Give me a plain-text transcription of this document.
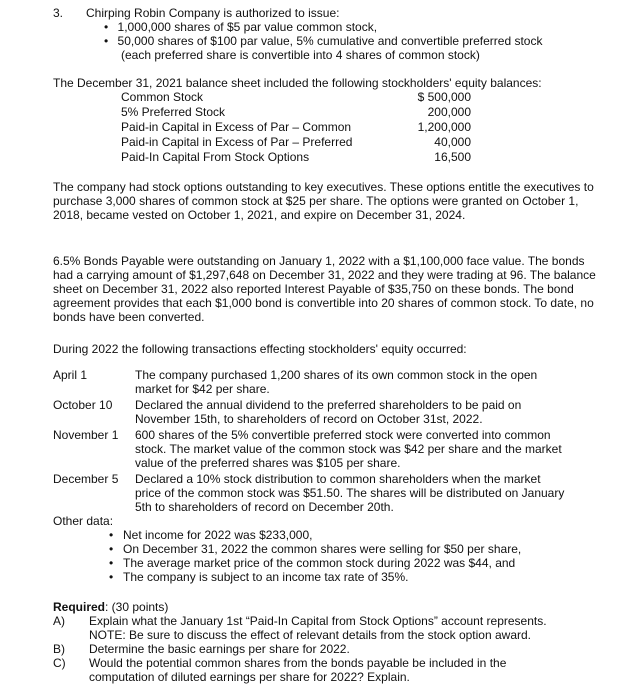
3. Chirping Robin Company is authorized to issue:
• 1,000,000 shares of $5 par value common stock,
• 50,000 shares of $100 par value, 5% cumulative and convertible preferred stock
(each preferred share is convertible into 4 shares of common stock)
The December 31, 2021 balance sheet included the following stockholders' equity balances:
Common Stock	$ 500,000
5% Preferred Stock	200,000
Paid-in Capital in Excess of Par – Common	1,200,000
Paid-in Capital in Excess of Par – Preferred	40,000
Paid-In Capital From Stock Options	16,500
The company had stock options outstanding to key executives. These options entitle the executives to purchase 3,000 shares of common stock at $25 per share. The options were granted on October 1, 2018, became vested on October 1, 2021, and expire on December 31, 2024.
6.5% Bonds Payable were outstanding on January 1, 2022 with a $1,100,000 face value. The bonds had a carrying amount of $1,297,648 on December 31, 2022 and they were trading at 96. The balance sheet on December 31, 2022 also reported Interest Payable of $35,750 on these bonds. The bond agreement provides that each $1,000 bond is convertible into 20 shares of common stock. To date, no bonds have been converted.
During 2022 the following transactions effecting stockholders' equity occurred:
April 1	The company purchased 1,200 shares of its own common stock in the open
market for $42 per share.
October 10	Declared the annual dividend to the preferred shareholders to be paid on
November 15th, to shareholders of record on October 31st, 2022.
November 1	600 shares of the 5% convertible preferred stock were converted into common
stock. The market value of the common stock was $42 per share and the market
value of the preferred shares was $105 per share.
December 5	Declared a 10% stock distribution to common shareholders when the market
price of the common stock was $51.50. The shares will be distributed on January
5th to shareholders of record on December 20th.
Other data:
• Net income for 2022 was $233,000,
• On December 31, 2022 the common shares were selling for $50 per share,
• The average market price of the common stock during 2022 was $44, and
• The company is subject to an income tax rate of 35%.
Required: (30 points)
A)	Explain what the January 1st “Paid-In Capital from Stock Options” account represents.
NOTE: Be sure to discuss the effect of relevant details from the stock option award.
B)	Determine the basic earnings per share for 2022.
C)	Would the potential common shares from the bonds payable be included in the
computation of diluted earnings per share for 2022? Explain.
